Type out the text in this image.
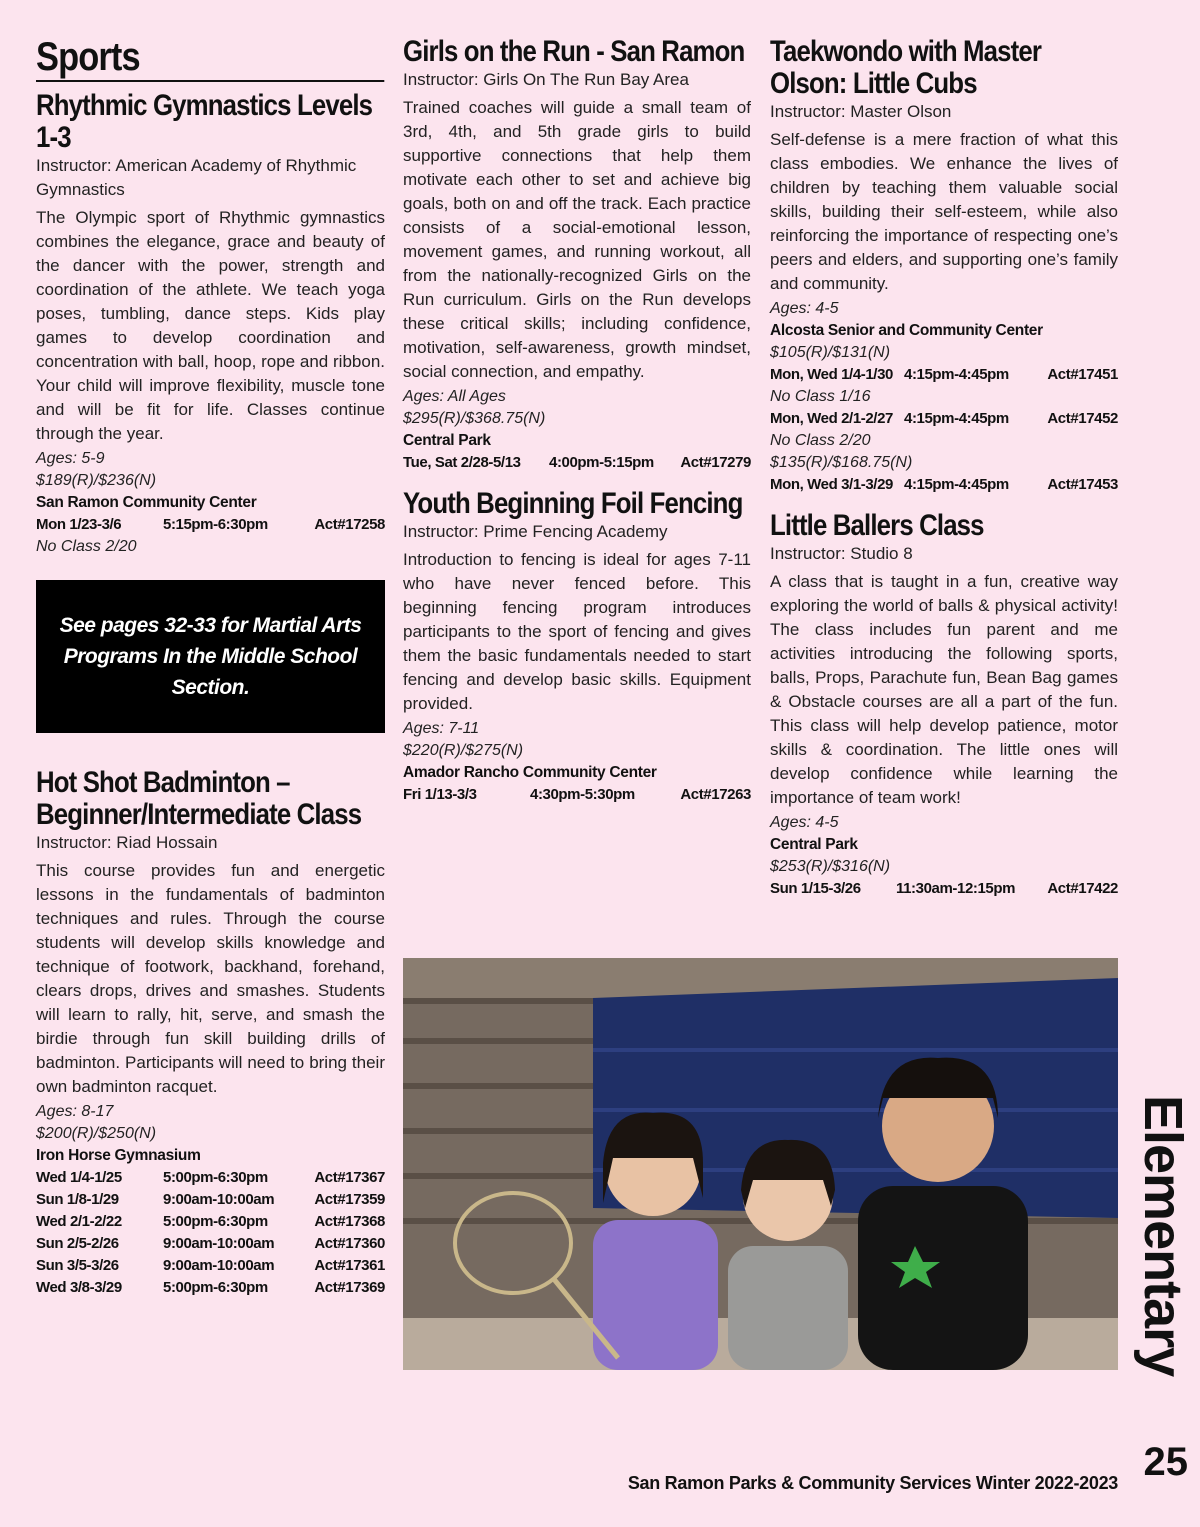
Sports
Rhythmic Gymnastics Levels 1-3
Instructor: American Academy of Rhythmic Gymnastics
The Olympic sport of Rhythmic gymnastics combines the elegance, grace and beauty of the dancer with the power, strength and coordination of the athlete. We teach yoga poses, tumbling, dance steps. Kids play games to develop coordination and concentration with ball, hoop, rope and ribbon. Your child will improve flexibility, muscle tone and will be fit for life. Classes continue through the year.
Ages: 5-9
$189(R)/$236(N)
San Ramon Community Center
Mon 1/23-3/6	5:15pm-6:30pm	Act#17258
No Class 2/20
See pages 32-33 for Martial Arts Programs In the Middle School Section.
Hot Shot Badminton – Beginner/Intermediate Class
Instructor: Riad Hossain
This course provides fun and energetic lessons in the fundamentals of badminton techniques and rules. Through the course students will develop skills knowledge and technique of footwork, backhand, forehand, clears drops, drives and smashes. Students will learn to rally, hit, serve, and smash the birdie through fun skill building drills of badminton. Participants will need to bring their own badminton racquet.
Ages: 8-17
$200(R)/$250(N)
Iron Horse Gymnasium
Wed 1/4-1/25	5:00pm-6:30pm	Act#17367
Sun 1/8-1/29	9:00am-10:00am	Act#17359
Wed 2/1-2/22	5:00pm-6:30pm	Act#17368
Sun 2/5-2/26	9:00am-10:00am	Act#17360
Sun 3/5-3/26	9:00am-10:00am	Act#17361
Wed 3/8-3/29	5:00pm-6:30pm	Act#17369
Girls on the Run - San Ramon
Instructor: Girls On The Run Bay Area
Trained coaches will guide a small team of 3rd, 4th, and 5th grade girls to build supportive connections that help them motivate each other to set and achieve big goals, both on and off the track. Each practice consists of a social-emotional lesson, movement games, and running workout, all from the nationally-recognized Girls on the Run curriculum. Girls on the Run develops these critical skills; including confidence, motivation, self-awareness, growth mindset, social connection, and empathy.
Ages: All Ages
$295(R)/$368.75(N)
Central Park
Tue, Sat 2/28-5/13	4:00pm-5:15pm	Act#17279
Youth Beginning Foil Fencing
Instructor: Prime Fencing Academy
Introduction to fencing is ideal for ages 7-11 who have never fenced before. This beginning fencing program introduces participants to the sport of fencing and gives them the basic fundamentals needed to start fencing and develop basic skills. Equipment provided.
Ages: 7-11
$220(R)/$275(N)
Amador Rancho Community Center
Fri 1/13-3/3	4:30pm-5:30pm	Act#17263
Taekwondo with Master Olson: Little Cubs
Instructor: Master Olson
Self-defense is a mere fraction of what this class embodies. We enhance the lives of children by teaching them valuable social skills, building their self-esteem, while also reinforcing the importance of respecting one’s peers and elders, and supporting one’s family and community.
Ages: 4-5
Alcosta Senior and Community Center
$105(R)/$131(N)
Mon, Wed 1/4-1/30 4:15pm-4:45pm	Act#17451
No Class 1/16
Mon, Wed 2/1-2/27 4:15pm-4:45pm	Act#17452
No Class 2/20
$135(R)/$168.75(N)
Mon, Wed 3/1-3/29 4:15pm-4:45pm	Act#17453
Little Ballers Class
Instructor: Studio 8
A class that is taught in a fun, creative way exploring the world of balls & physical activity! The class includes fun parent and me activities introducing the following sports, balls, Props, Parachute fun, Bean Bag games & Obstacle courses are all a part of the fun. This class will help develop patience, motor skills & coordination. The little ones will develop confidence while learning the importance of team work!
Ages: 4-5
Central Park
$253(R)/$316(N)
Sun 1/15-3/26	11:30am-12:15pm	Act#17422
Elementary
San Ramon Parks & Community Services Winter 2022-2023 25
